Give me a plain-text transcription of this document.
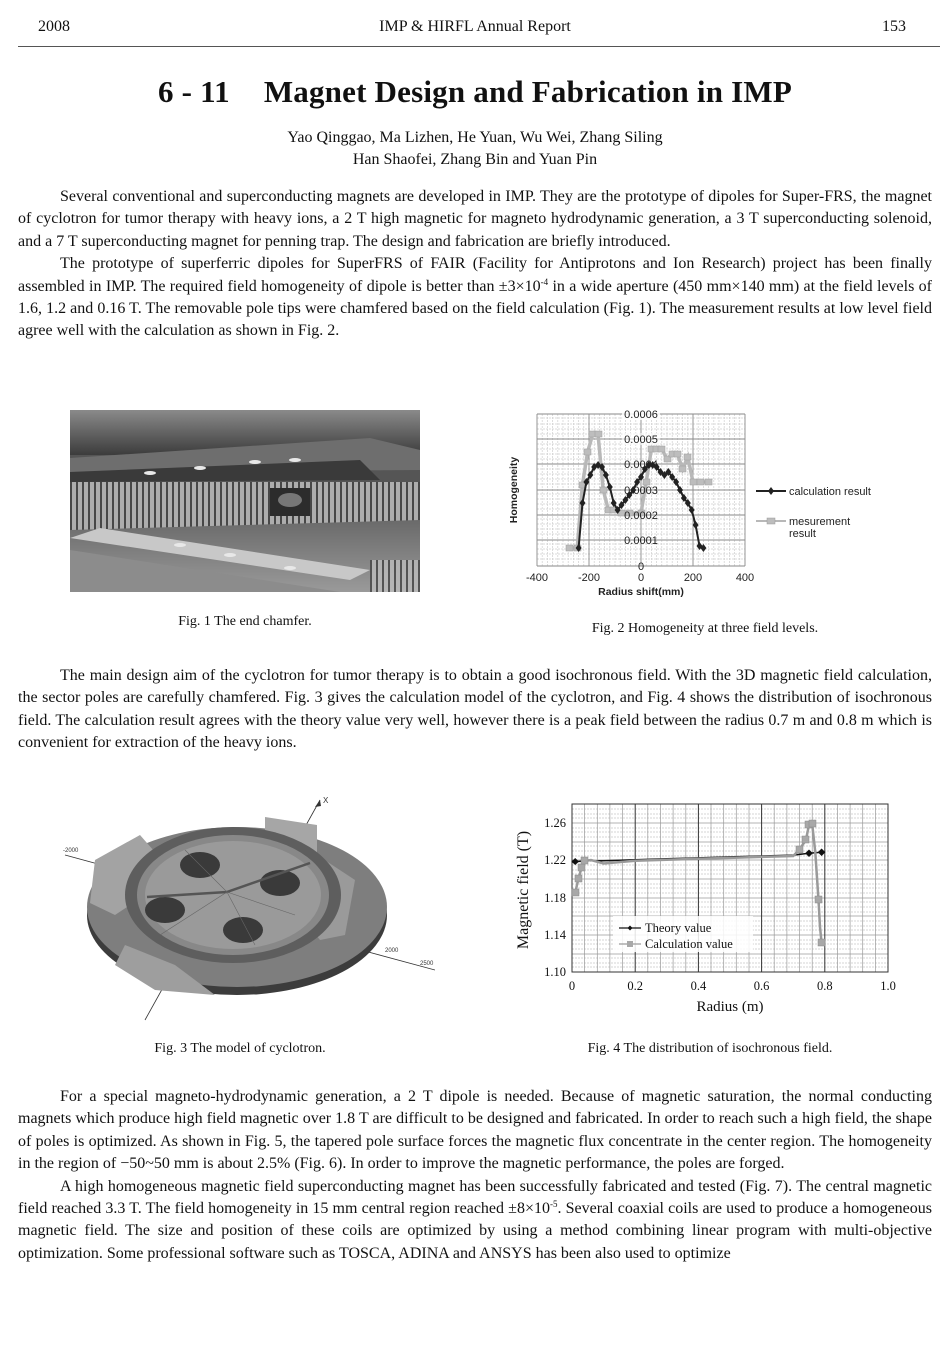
2008	IMP & HIRFL Annual Report	153
6 - 11 Magnet Design and Fabrication in IMP
Yao Qinggao, Ma Lizhen, He Yuan, Wu Wei, Zhang Siling
Han Shaofei, Zhang Bin and Yuan Pin

Several conventional and superconducting magnets are developed in IMP. They are the prototype of dipoles for Super-FRS, the magnet of cyclotron for tumor therapy with heavy ions, a 2 T high magnetic for magneto hydrodynamic generation, a 3 T superconducting solenoid, and a 7 T superconducting magnet for penning trap. The design and fabrication are briefly introduced.

The prototype of superferric dipoles for SuperFRS of FAIR (Facility for Antiprotons and Ion Research) project has been finally assembled in IMP. The required field homogeneity of dipole is better than $\pm 3\times 10^{-4}$ in a wide aperture (450 mm×140 mm) at the field levels of 1.6, 1.2 and 0.16 T. The removable pole tips were chamfered based on the field calculation (Fig. 1). The measurement results at low level field agree well with the calculation as shown in Fig. 2.

Fig. 1 The end chamfer.
0.0006
0.0005
0.0004
0.0003
0.0002
0.0001
0
-400	-200	0	200	400
Radius shift(mm)
Homogeneity	calculation result
mesurement
result
Fig. 2 Homogeneity at three field levels.

The main design aim of the cyclotron for tumor therapy is to obtain a good isochronous field. With the 3D magnetic field calculation, the sector poles are carefully chamfered. Fig. 3 gives the calculation model of the cyclotron, and Fig. 4 shows the distribution of isochronous field. The calculation result agrees with the theory value very well, however there is a peak field between the radius 0.7 m and 0.8 m which is convenient for extraction of the heavy ions.

X
-2000
2000
2500
Fig. 3 The model of cyclotron.
Theory value
Calculation value
1.26
1.22
1.18
1.14
1.10
0	0.2	0.4	0.6	0.8	1.0
Radius (m)
Magnetic field (T)
Fig. 4 The distribution of isochronous field.

For a special magneto-hydrodynamic generation, a 2 T dipole is needed. Because of magnetic saturation, the normal conducting magnets which produce high field magnetic over 1.8 T are difficult to be designed and fabricated. In order to reach such a high field, the shape of poles is optimized. As shown in Fig. 5, the tapered pole surface forces the magnetic flux concentrate in the center region. The homogeneity in the region of −50~50 mm is about 2.5% (Fig. 6). In order to improve the magnetic performance, the poles are forged.

A high homogeneous magnetic field superconducting magnet has been successfully fabricated and tested (Fig. 7). The central magnetic field reached 3.3 T. The field homogeneity in 15 mm central region reached $\pm 8\times 10^{-5}$. Several coaxial coils are used to produce a homogeneous magnetic field. The size and position of these coils are optimized by using a method combining linear program with multi-objective optimization. Some professional software such as TOSCA, ADINA and ANSYS has been also used to optimize
